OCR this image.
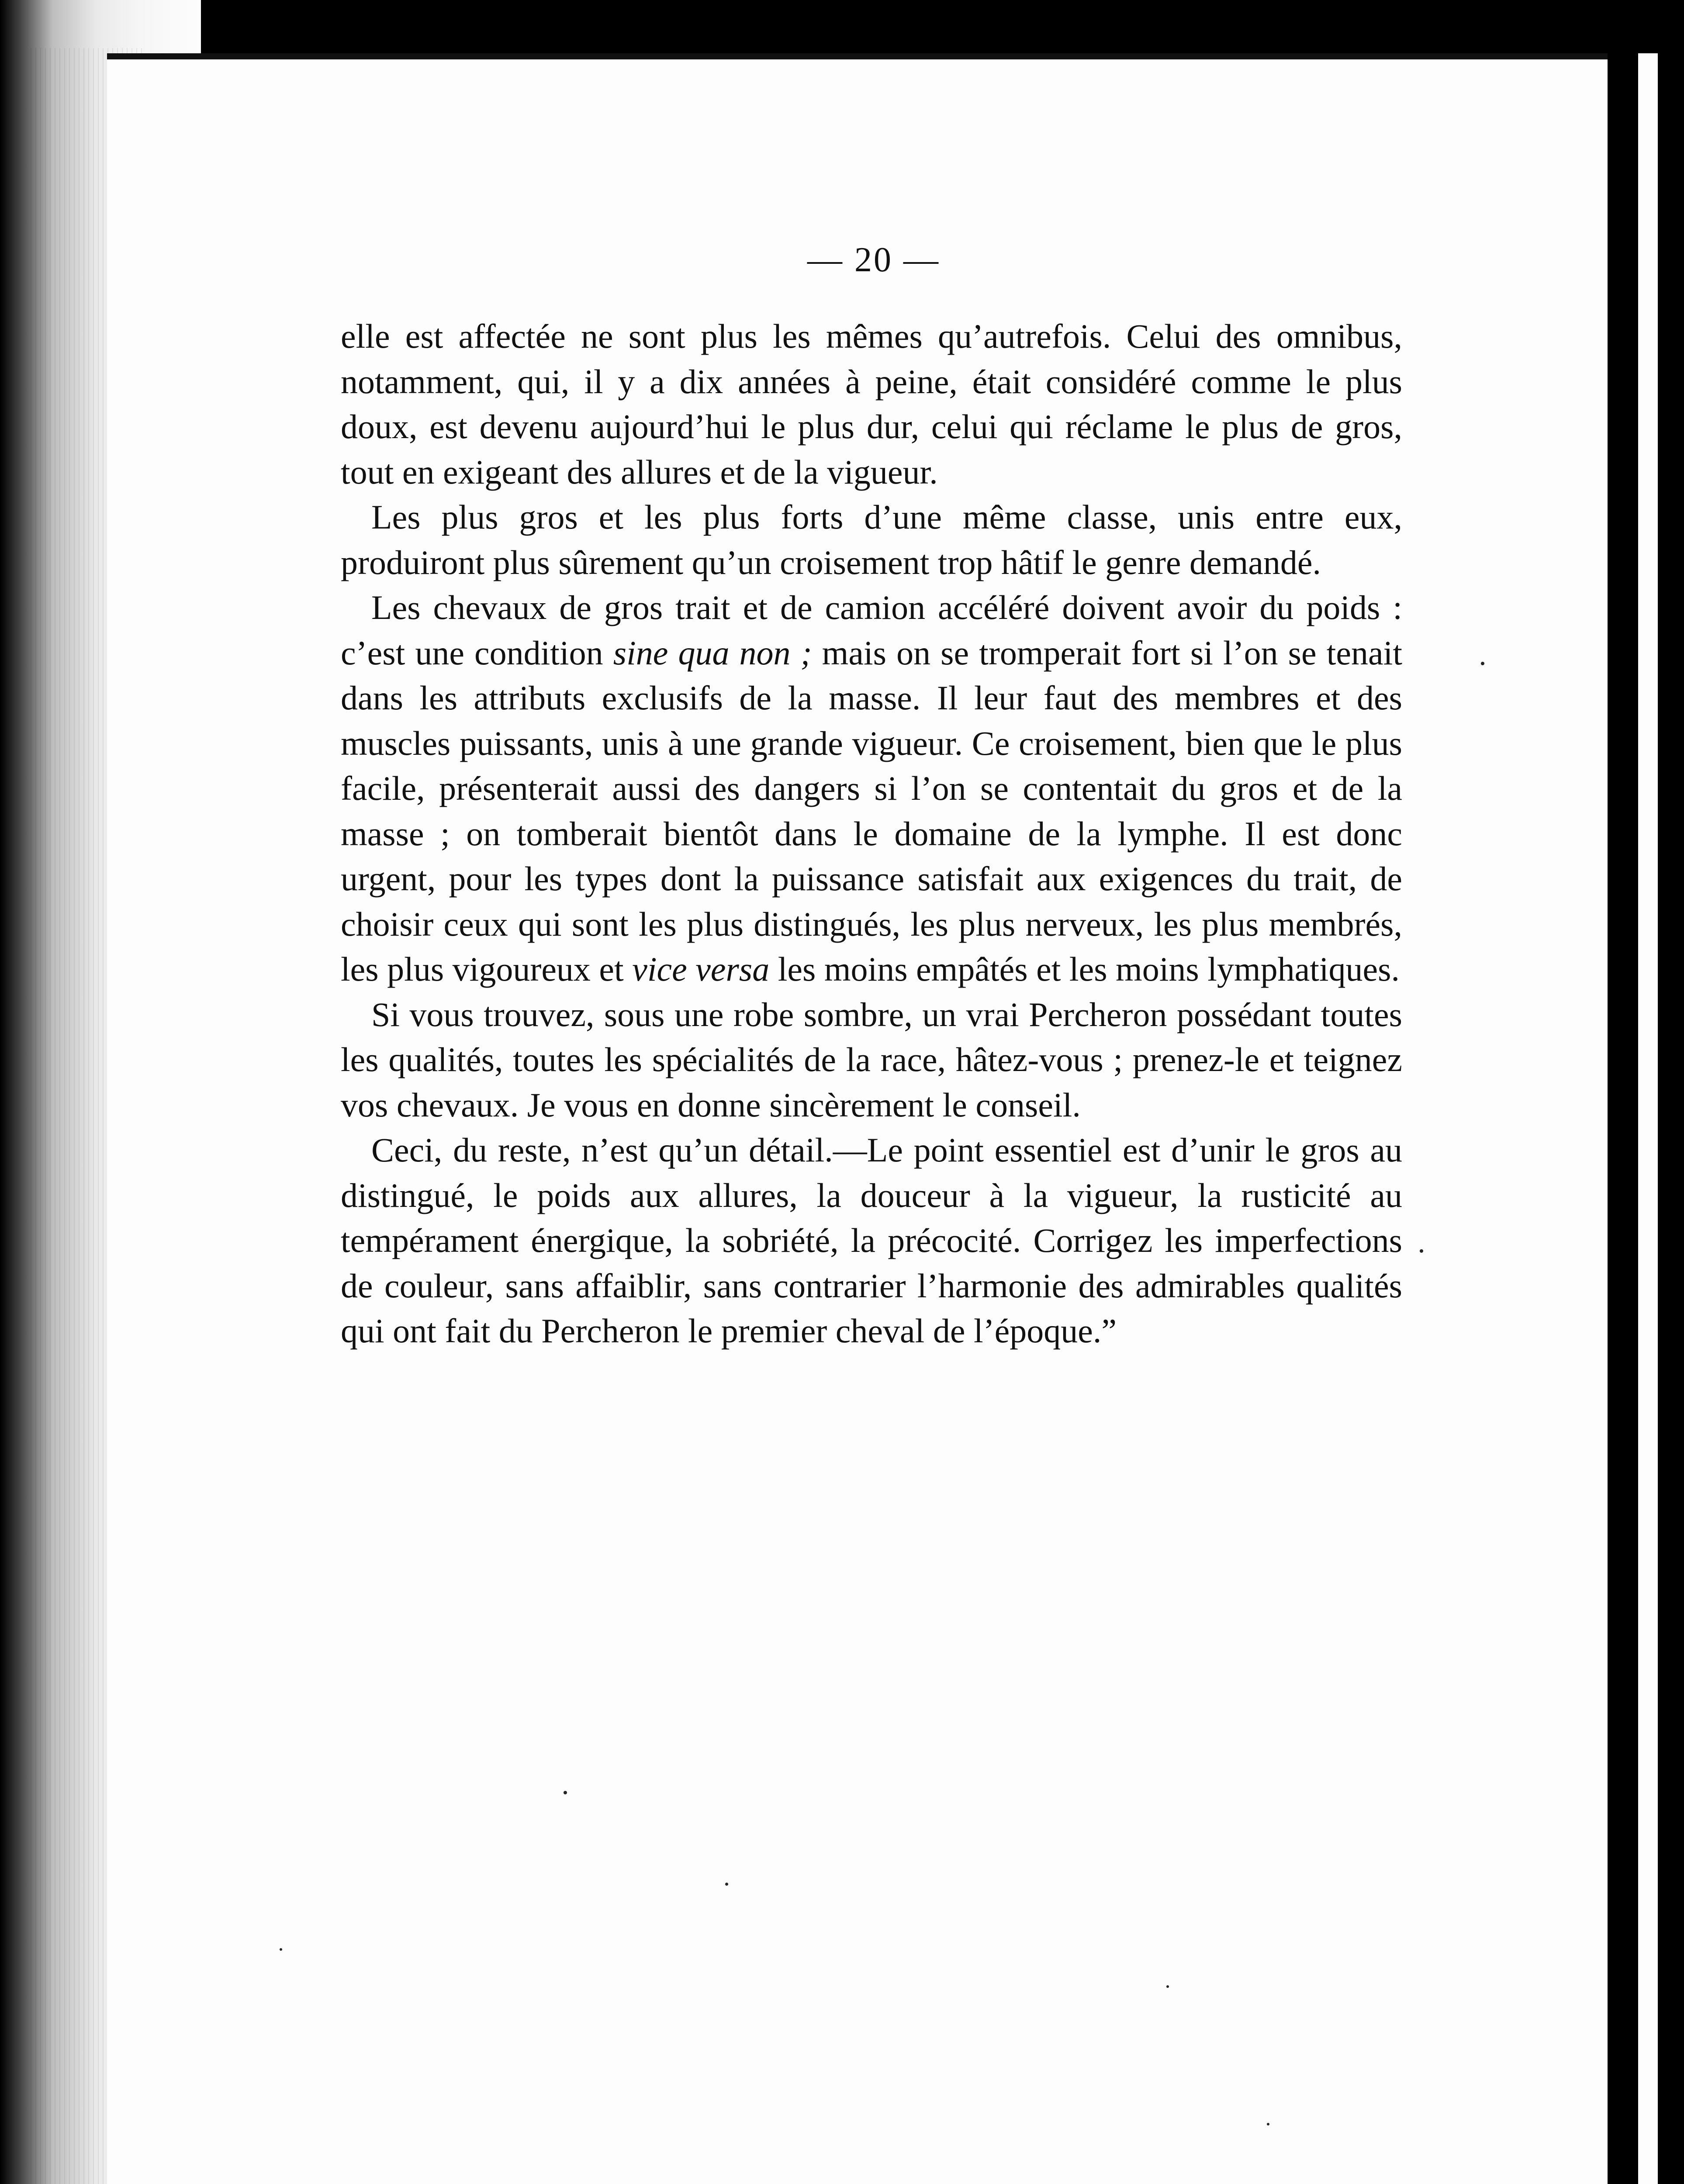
— 20 —

elle est affectée ne sont plus les mêmes qu’autrefois. Celui des omnibus, notamment, qui, il y a dix années à peine, était considéré comme le plus doux, est devenu aujourd’hui le plus dur, celui qui réclame le plus de gros, tout en exigeant des allures et de la vigueur.

Les plus gros et les plus forts d’une même classe, unis entre eux, produiront plus sûrement qu’un croisement trop hâtif le genre demandé.

Les chevaux de gros trait et de camion accéléré doivent avoir du poids : c’est une condition sine qua non ; mais on se tromperait fort si l’on se tenait dans les attributs exclusifs de la masse. Il leur faut des membres et des muscles puissants, unis à une grande vigueur. Ce croisement, bien que le plus facile, présenterait aussi des dangers si l’on se contentait du gros et de la masse ; on tomberait bientôt dans le domaine de la lymphe. Il est donc urgent, pour les types dont la puissance satisfait aux exigences du trait, de choisir ceux qui sont les plus distingués, les plus nerveux, les plus membrés, les plus vigoureux et vice versa les moins empâtés et les moins lymphatiques.

Si vous trouvez, sous une robe sombre, un vrai Percheron possédant toutes les qualités, toutes les spécialités de la race, hâtez-vous ; prenez-le et teignez vos chevaux. Je vous en donne sincèrement le conseil.

Ceci, du reste, n’est qu’un détail.—Le point essentiel est d’unir le gros au distingué, le poids aux allures, la douceur à la vigueur, la rusticité au tempérament énergique, la sobriété, la précocité. Corrigez les imperfections de couleur, sans affaiblir, sans contrarier l’harmonie des admirables qualités qui ont fait du Percheron le premier cheval de l’époque.”
